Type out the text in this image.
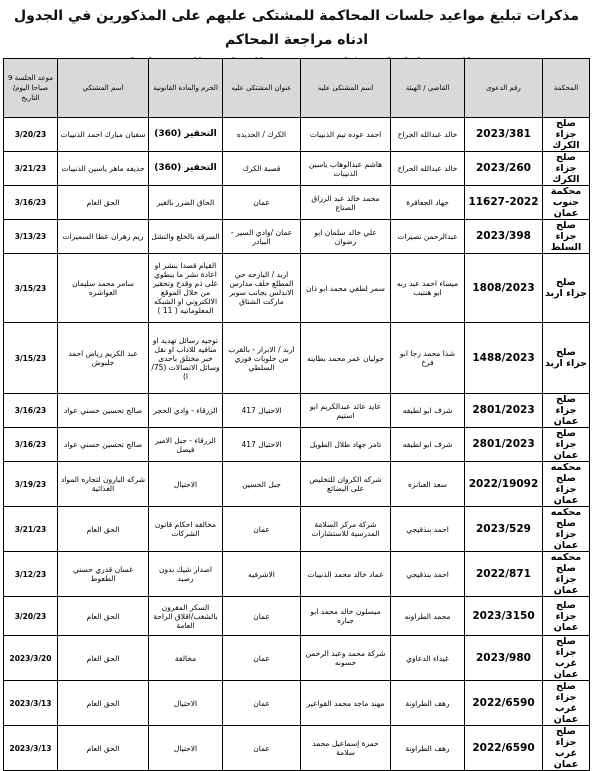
مذكرات تبليغ مواعيد جلسات المحاكمة للمشتكى عليهم على المذكورين في الجدول ادناه مراجعة المحاكم
المحكمة	رقم الدعوى	القاضي / الهيئة	اسم المشتكى عليه	عنوان المشتكى عليه	الجرم والمادة القانونية	اسم المشتكي	موعد الجلسة 9 صباحا اليوم/التاريخ
صلح جزاء الكرك	2023/381	خالد عبدالله الجراح	احمد عوده تيم الذنيبات	الكرك / الجديده	التحقير (360)	سفيان مبارك احمد الذنيبات	3/20/23
صلح جزاء الكرك	2023/260	خالد عبدالله الجراح	هاشم عبدالوهاب ياسين الذنيبات	قصبة الكرك	التحقير (360)	حذيفه ماهر ياسين الذنيبات	3/21/23
محكمة جنوب عمان	11627-2022	جهاد الجعافرة	محمد خالد عبد الرزاق الصناع	عمان	الحاق الضرر بالغير	الحق العام	3/16/23
صلح جزاء السلط	2023/398	عبدالرحمن نصيرات	علي خالد سلمان ابو رضوان	عمان /وادي السير - البيادر	السرقه بالخلع والتشل	ريم زهران عطا السميرات	3/13/23
صلح جزاء اربد	1808/2023	ميساء احمد عبد ربه ابو هنتيب	سمر لطفي محمد ابو ذان	اربد / البارحه حي المطلع خلف مدارس الاندلس بجانب سوبر ماركت الشتاق	القيام قصدا بنشر او اعادة نشر ما ينطوي على ذم وقدح وتحقير من خلال الموقع الالكتروني او الشبكه المعلوماتيه ( 11 )	سامر محمد سليمان العواشره	3/15/23
صلح جزاء اربد	1488/2023	شذا محمد رجا ابو فرخ	جوليان عمر محمد بطاينه	اربد / الابرار - بالقرب من حلويات فوزي السلطي	توجيه رسائل تهديد او منافيه للاداب او نقل خبر مختلق باحدى وسائل الاتصالات (75/ا)	عبد الكريم رياض احمد جلبوش	3/15/23
صلح جزاء عمان	2801/2023	شرف ابو لطيفه	عايد عائد عبدالكريم ابو استيم	الاحتيال 417	الزرقاء - وادي الحجر	صالح تحسين حسني عواد	3/16/23
صلح جزاء عمان	2801/2023	شرف ابو لطيفه	تامر جهاد طلال الطويل	الاحتيال 417	الزرقاء - جبل الامير فيصل	صالح تحسين حسني عواد	3/16/23
محكمه صلح جزاء عمان	2022/19092	سعد العنانزه	شركه الكروان للتخليص على البضائع	جبل الحسين	الاحتيال	شركه البارون لتجاره المواد الغذائية	3/19/23
محكمه صلح جزاء عمان	2023/529	احمد بنذقيجي	شركة مركز السلامة المدرسية للاستشارات	عمان	مخالفه احكام قانون الشركات	الحق العام	3/21/23
محكمه صلح جزاء عمان	2022/871	احمد بنذقيجي	عماد خالد محمد الذنيبات	الاشرفيه	اصدار شيك بدون رصيد	غسان قدري حسني الطعوط	3/12/23
صلح جزاء عمان	2023/3150	محمد الطراونه	ميسلون خالد محمد ابو جباره	عمان	السكر المقرون بالشغب/اقلاق الراحة العامة	الحق العام	3/20/23
صلح جزاء غرب عمان	2023/980	غيداء الدعاوي	شركة محمد وعبد الرحمن حسونه	عمان	مخالفة	الحق العام	2023/3/20
صلح جزاء غرب عمان	2022/6590	رهف الطراونة	مهند ماجد محمد الفواعير	عمان	الاحتيال	الحق العام	2023/3/13
صلح جزاء غرب عمان	2022/6590	رهف الطراونة	حمزة إسماعيل محمد سلامة	عمان	الاحتيال	الحق العام	2023/3/13
